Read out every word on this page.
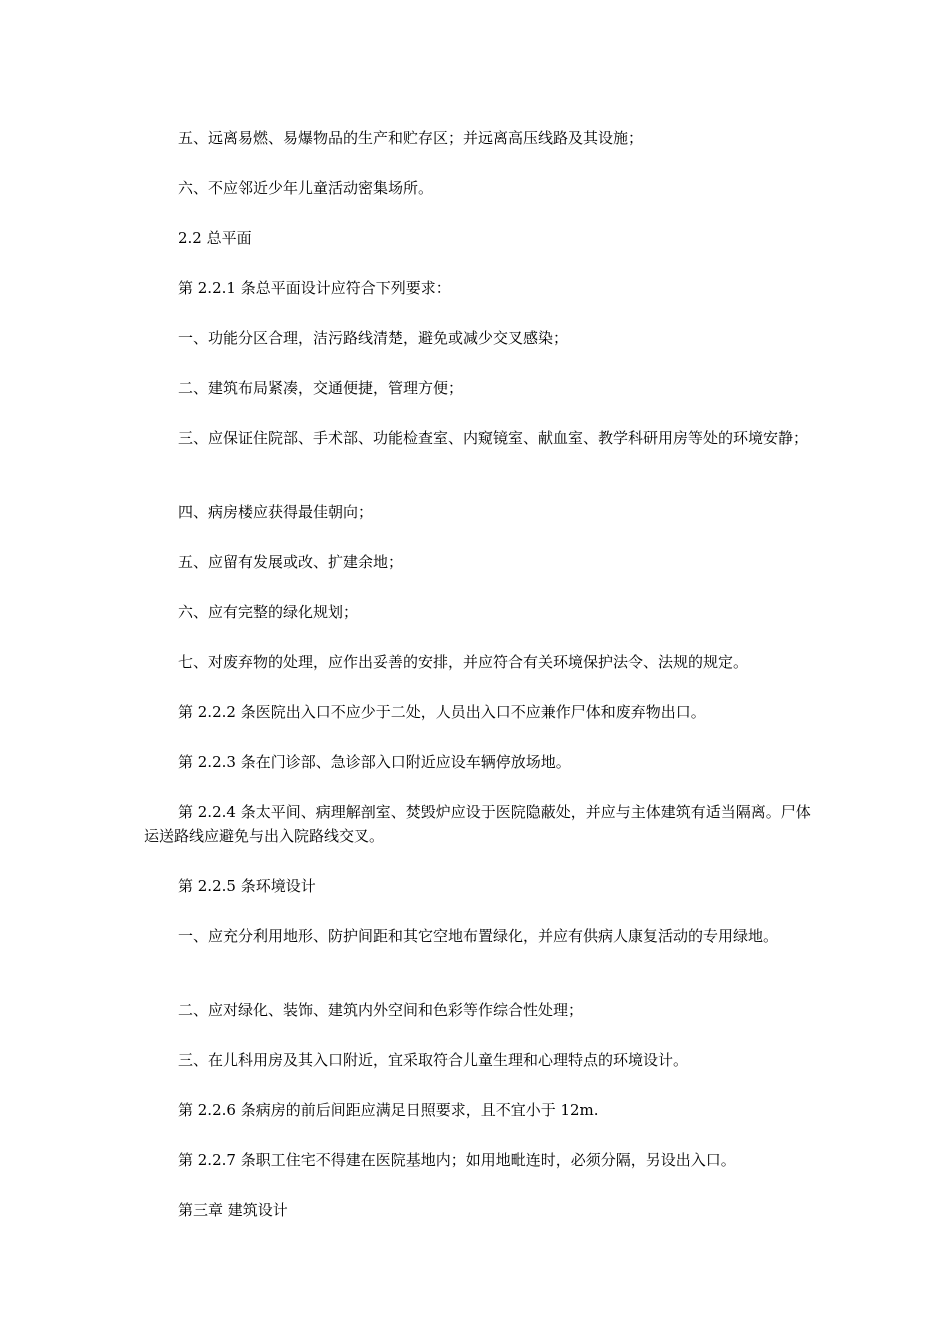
五、远离易燃、易爆物品的生产和贮存区；并远离高压线路及其设施；

六、不应邻近少年儿童活动密集场所。

2.2 总平面

第 2.2.1 条总平面设计应符合下列要求：

一、功能分区合理，洁污路线清楚，避免或减少交叉感染；

二、建筑布局紧凑，交通便捷，管理方便；

三、应保证住院部、手术部、功能检查室、内窥镜室、献血室、教学科研用房等处的环境安静；

四、病房楼应获得最佳朝向；

五、应留有发展或改、扩建余地；

六、应有完整的绿化规划；

七、对废弃物的处理，应作出妥善的安排，并应符合有关环境保护法令、法规的规定。

第 2.2.2 条医院出入口不应少于二处，人员出入口不应兼作尸体和废弃物出口。

第 2.2.3 条在门诊部、急诊部入口附近应设车辆停放场地。

第 2.2.4 条太平间、病理解剖室、焚毁炉应设于医院隐蔽处，并应与主体建筑有适当隔离。尸体运送路线应避免与出入院路线交叉。

第 2.2.5 条环境设计

一、应充分利用地形、防护间距和其它空地布置绿化，并应有供病人康复活动的专用绿地。

二、应对绿化、装饰、建筑内外空间和色彩等作综合性处理；

三、在儿科用房及其入口附近，宜采取符合儿童生理和心理特点的环境设计。

第 2.2.6 条病房的前后间距应满足日照要求，且不宜小于 12m.

第 2.2.7 条职工住宅不得建在医院基地内；如用地毗连时，必须分隔，另设出入口。

第三章 建筑设计
